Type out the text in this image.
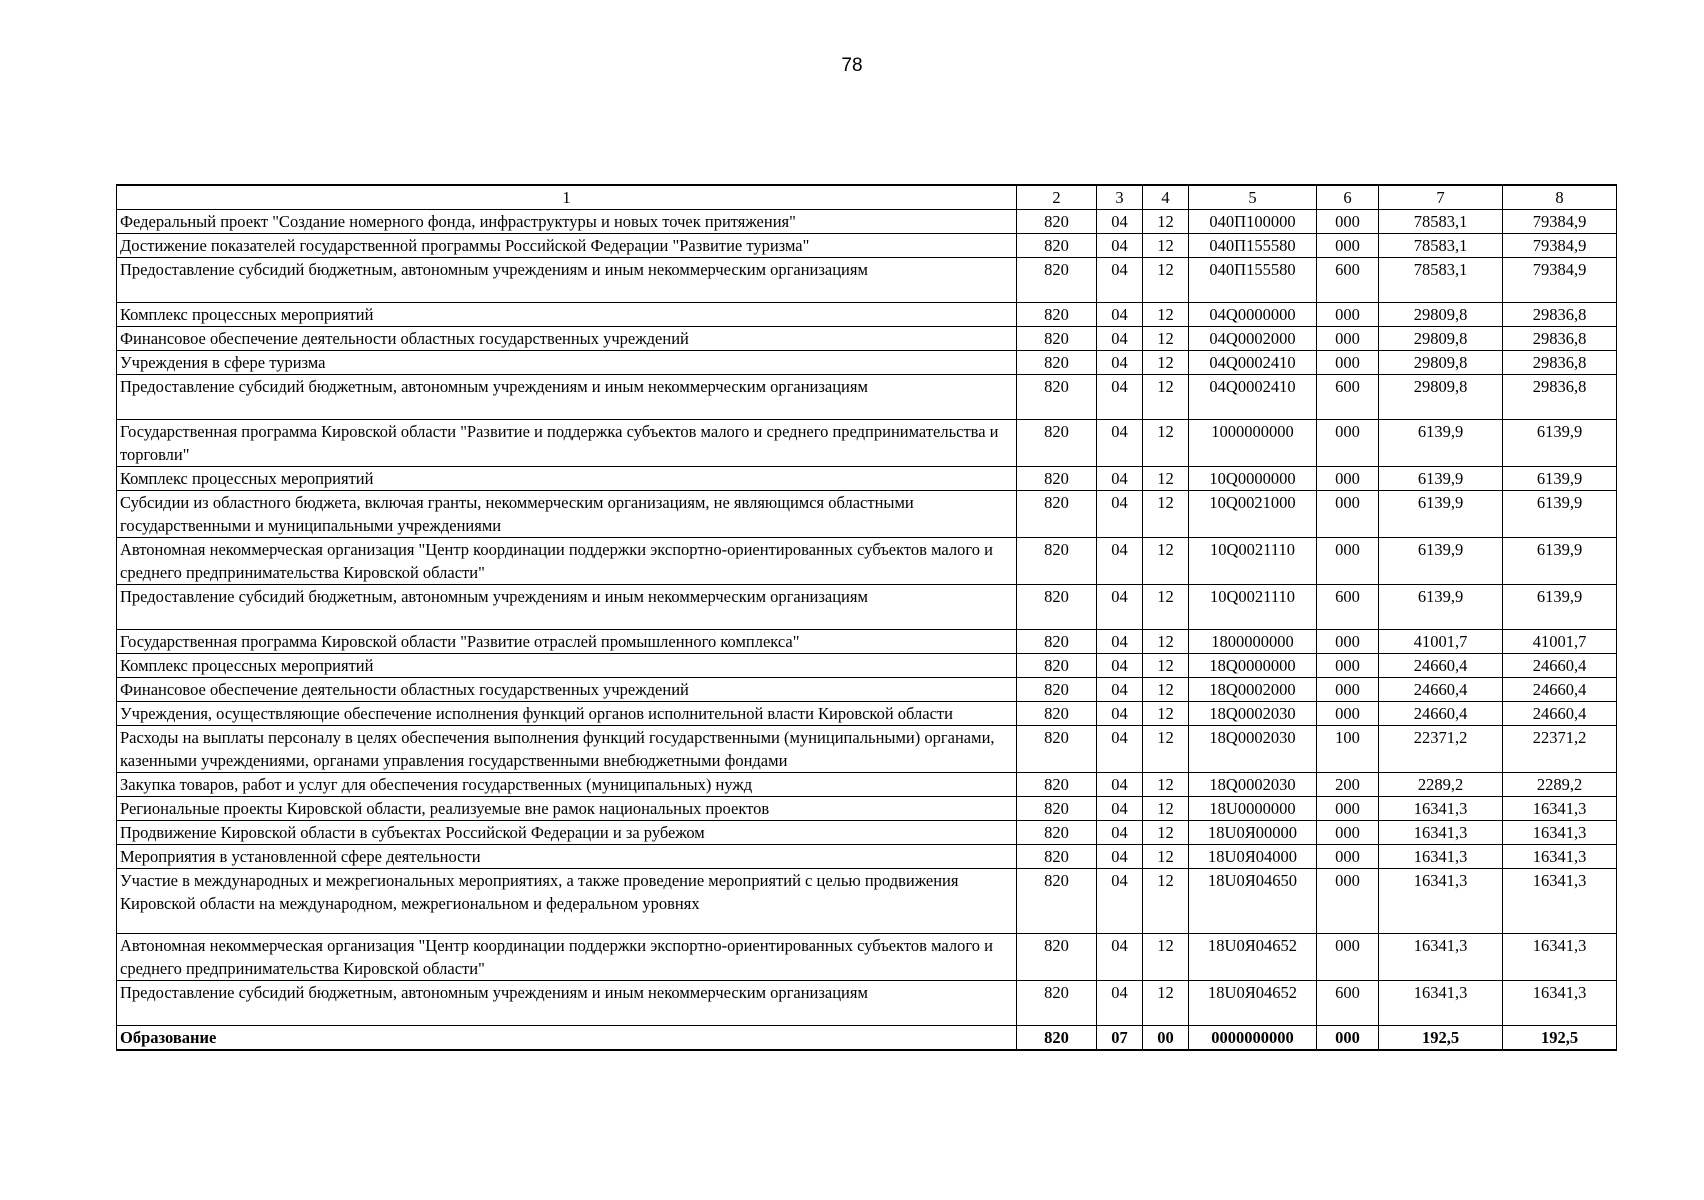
78
1	2	3	4	5	6	7	8
Федеральный проект "Создание номерного фонда, инфраструктуры и новых точек притяжения"	820	04	12	040П100000	000	78583,1	79384,9
Достижение показателей государственной программы Российской Федерации "Развитие туризма"	820	04	12	040П155580	000	78583,1	79384,9
Предоставление субсидий бюджетным, автономным учреждениям и иным некоммерческим организациям	820	04	12	040П155580	600	78583,1	79384,9
Комплекс процессных мероприятий	820	04	12	04Q0000000	000	29809,8	29836,8
Финансовое обеспечение деятельности областных государственных учреждений	820	04	12	04Q0002000	000	29809,8	29836,8
Учреждения в сфере туризма	820	04	12	04Q0002410	000	29809,8	29836,8
Предоставление субсидий бюджетным, автономным учреждениям и иным некоммерческим организациям	820	04	12	04Q0002410	600	29809,8	29836,8
Государственная программа Кировской области "Развитие и поддержка субъектов малого и среднего предпринимательства и торговли"	820	04	12	1000000000	000	6139,9	6139,9
Комплекс процессных мероприятий	820	04	12	10Q0000000	000	6139,9	6139,9
Субсидии из областного бюджета, включая гранты, некоммерческим организациям, не являющимся областными государственными и муниципальными учреждениями	820	04	12	10Q0021000	000	6139,9	6139,9
Автономная некоммерческая организация "Центр координации поддержки экспортно-ориентированных субъектов малого и среднего предпринимательства Кировской области"	820	04	12	10Q0021110	000	6139,9	6139,9
Предоставление субсидий бюджетным, автономным учреждениям и иным некоммерческим организациям	820	04	12	10Q0021110	600	6139,9	6139,9
Государственная программа Кировской области "Развитие отраслей промышленного комплекса"	820	04	12	1800000000	000	41001,7	41001,7
Комплекс процессных мероприятий	820	04	12	18Q0000000	000	24660,4	24660,4
Финансовое обеспечение деятельности областных государственных учреждений	820	04	12	18Q0002000	000	24660,4	24660,4
Учреждения, осуществляющие обеспечение исполнения функций органов исполнительной власти Кировской области	820	04	12	18Q0002030	000	24660,4	24660,4
Расходы на выплаты персоналу в целях обеспечения выполнения функций государственными (муниципальными) органами, казенными учреждениями, органами управления государственными внебюджетными фондами	820	04	12	18Q0002030	100	22371,2	22371,2
Закупка товаров, работ и услуг для обеспечения государственных (муниципальных) нужд	820	04	12	18Q0002030	200	2289,2	2289,2
Региональные проекты Кировской области, реализуемые вне рамок национальных проектов	820	04	12	18U0000000	000	16341,3	16341,3
Продвижение Кировской области в субъектах Российской Федерации и за рубежом	820	04	12	18U0Я00000	000	16341,3	16341,3
Мероприятия в установленной сфере деятельности	820	04	12	18U0Я04000	000	16341,3	16341,3
Участие в международных и межрегиональных мероприятиях, а также проведение мероприятий с целью продвижения Кировской области на международном, межрегиональном и федеральном уровнях	820	04	12	18U0Я04650	000	16341,3	16341,3
Автономная некоммерческая организация "Центр координации поддержки экспортно-ориентированных субъектов малого и среднего предпринимательства Кировской области"	820	04	12	18U0Я04652	000	16341,3	16341,3
Предоставление субсидий бюджетным, автономным учреждениям и иным некоммерческим организациям	820	04	12	18U0Я04652	600	16341,3	16341,3
Образование	820	07	00	0000000000	000	192,5	192,5
